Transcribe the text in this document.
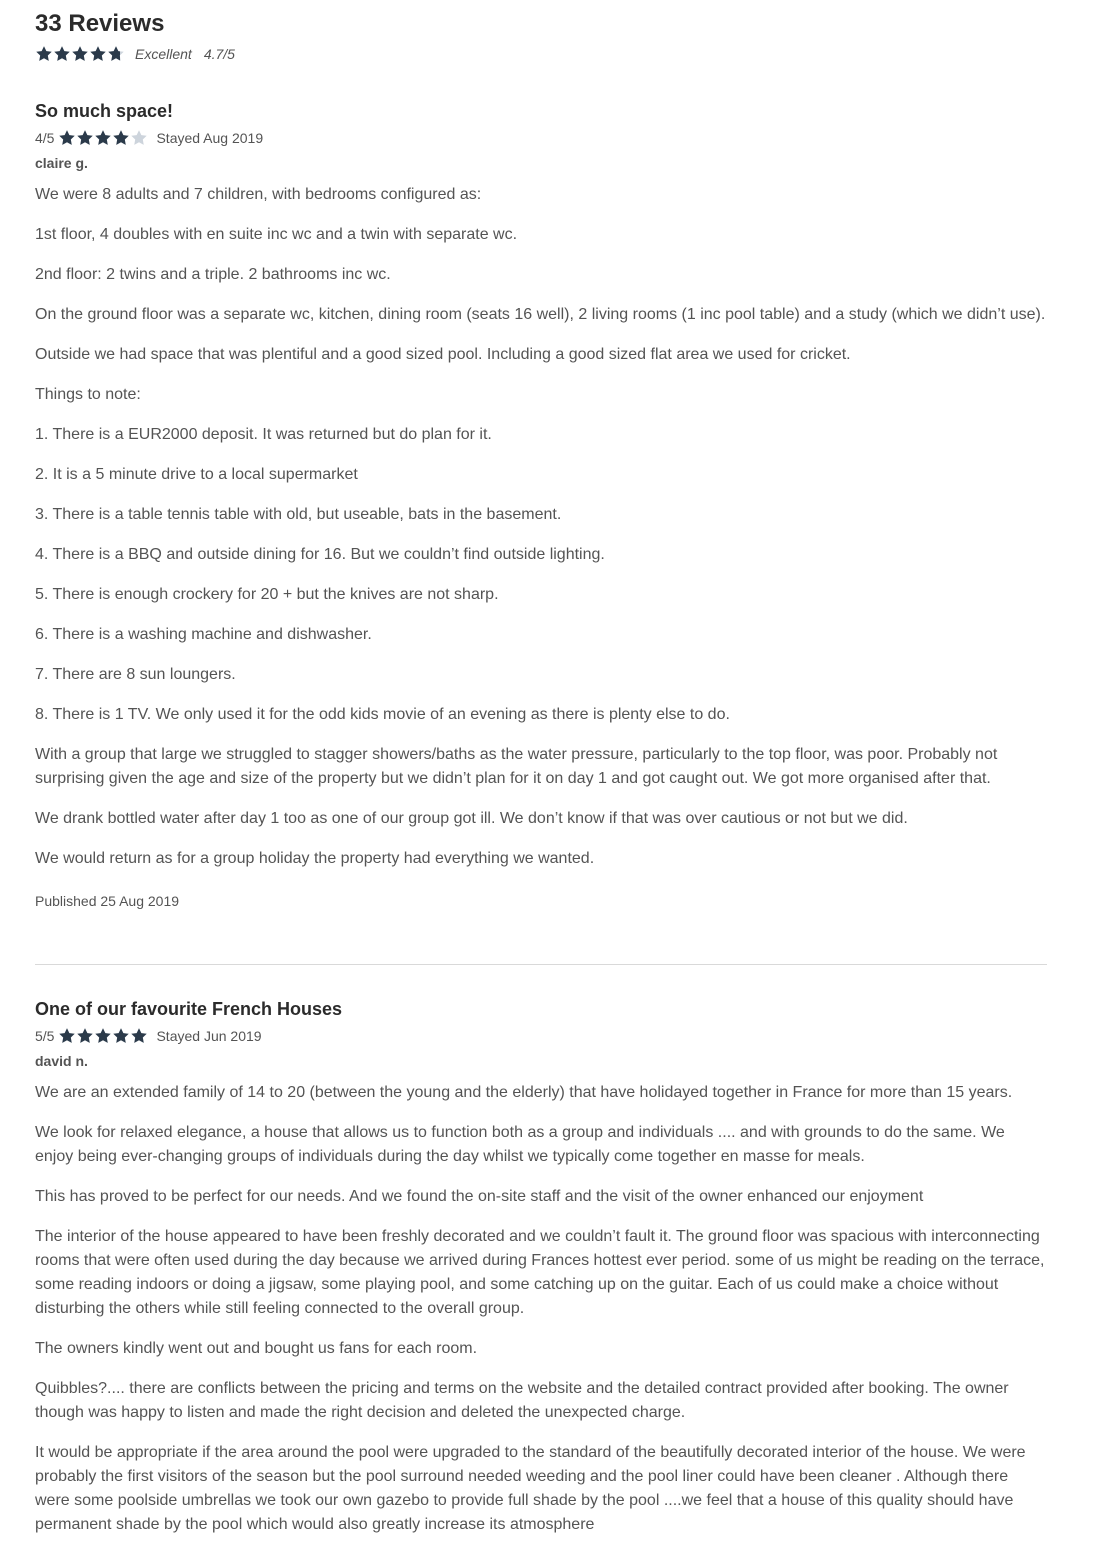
33 Reviews
Excellent 4.7/5
So much space!
4/5	Stayed Aug 2019
claire g.

We were 8 adults and 7 children, with bedrooms configured as:

1st floor, 4 doubles with en suite inc wc and a twin with separate wc.

2nd floor: 2 twins and a triple. 2 bathrooms inc wc.

On the ground floor was a separate wc, kitchen, dining room (seats 16 well), 2 living rooms (1 inc pool table) and a study (which we didn’t use).

Outside we had space that was plentiful and a good sized pool. Including a good sized flat area we used for cricket.

Things to note:

1. There is a EUR2000 deposit. It was returned but do plan for it.

2. It is a 5 minute drive to a local supermarket

3. There is a table tennis table with old, but useable, bats in the basement.

4. There is a BBQ and outside dining for 16. But we couldn’t find outside lighting.

5. There is enough crockery for 20 + but the knives are not sharp.

6. There is a washing machine and dishwasher.

7. There are 8 sun loungers.

8. There is 1 TV. We only used it for the odd kids movie of an evening as there is plenty else to do.

With a group that large we struggled to stagger showers/baths as the water pressure, particularly to the top floor, was poor. Probably not surprising given the age and size of the property but we didn’t plan for it on day 1 and got caught out. We got more organised after that.

We drank bottled water after day 1 too as one of our group got ill. We don’t know if that was over cautious or not but we did.

We would return as for a group holiday the property had everything we wanted.

Published 25 Aug 2019
One of our favourite French Houses
5/5	Stayed Jun 2019
david n.

We are an extended family of 14 to 20 (between the young and the elderly) that have holidayed together in France for more than 15 years.

We look for relaxed elegance, a house that allows us to function both as a group and individuals .... and with grounds to do the same. We enjoy being ever-changing groups of individuals during the day whilst we typically come together en masse for meals.

This has proved to be perfect for our needs. And we found the on-site staff and the visit of the owner enhanced our enjoyment

The interior of the house appeared to have been freshly decorated and we couldn’t fault it. The ground floor was spacious with interconnecting rooms that were often used during the day because we arrived during Frances hottest ever period. some of us might be reading on the terrace, some reading indoors or doing a jigsaw, some playing pool, and some catching up on the guitar. Each of us could make a choice without disturbing the others while still feeling connected to the overall group.

The owners kindly went out and bought us fans for each room.

Quibbles?.... there are conflicts between the pricing and terms on the website and the detailed contract provided after booking. The owner though was happy to listen and made the right decision and deleted the unexpected charge.

It would be appropriate if the area around the pool were upgraded to the standard of the beautifully decorated interior of the house. We were probably the first visitors of the season but the pool surround needed weeding and the pool liner could have been cleaner . Although there were some poolside umbrellas we took our own gazebo to provide full shade by the pool ....we feel that a house of this quality should have permanent shade by the pool which would also greatly increase its atmosphere
